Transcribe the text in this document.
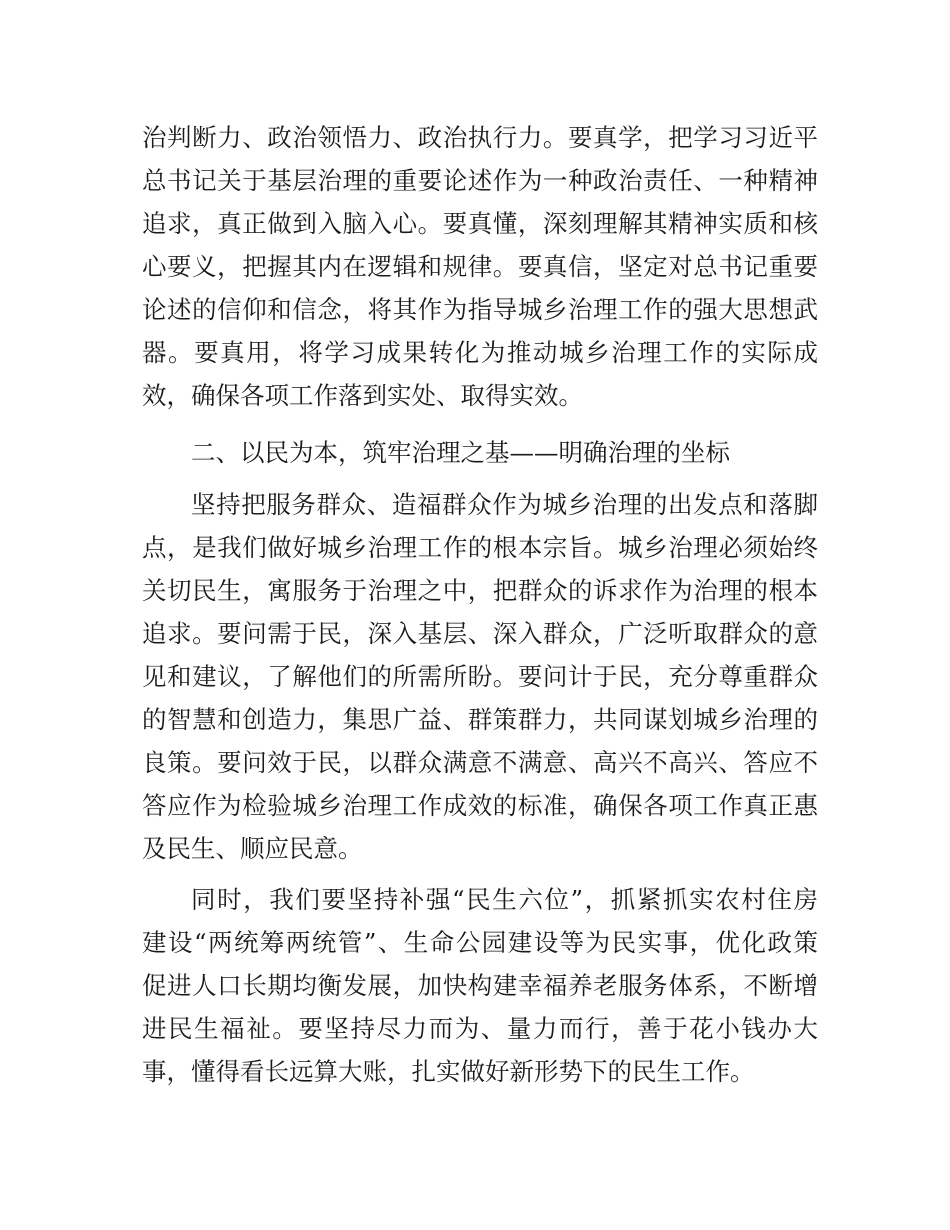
治判断力、政治领悟力、政治执行力。要真学，把学习习近平
总书记关于基层治理的重要论述作为一种政治责任、一种精神
追求，真正做到入脑入心。要真懂，深刻理解其精神实质和核
心要义，把握其内在逻辑和规律。要真信，坚定对总书记重要
论述的信仰和信念，将其作为指导城乡治理工作的强大思想武
器。要真用，将学习成果转化为推动城乡治理工作的实际成
效，确保各项工作落到实处、取得实效。
二、以民为本，筑牢治理之基——明确治理的坐标
坚持把服务群众、造福群众作为城乡治理的出发点和落脚
点，是我们做好城乡治理工作的根本宗旨。城乡治理必须始终
关切民生，寓服务于治理之中，把群众的诉求作为治理的根本
追求。要问需于民，深入基层、深入群众，广泛听取群众的意
见和建议，了解他们的所需所盼。要问计于民，充分尊重群众
的智慧和创造力，集思广益、群策群力，共同谋划城乡治理的
良策。要问效于民，以群众满意不满意、高兴不高兴、答应不
答应作为检验城乡治理工作成效的标准，确保各项工作真正惠
及民生、顺应民意。
同时，我们要坚持补强“民生六位”，抓紧抓实农村住房
建设“两统筹两统管”、生命公园建设等为民实事，优化政策
促进人口长期均衡发展，加快构建幸福养老服务体系，不断增
进民生福祉。要坚持尽力而为、量力而行，善于花小钱办大
事，懂得看长远算大账，扎实做好新形势下的民生工作。
